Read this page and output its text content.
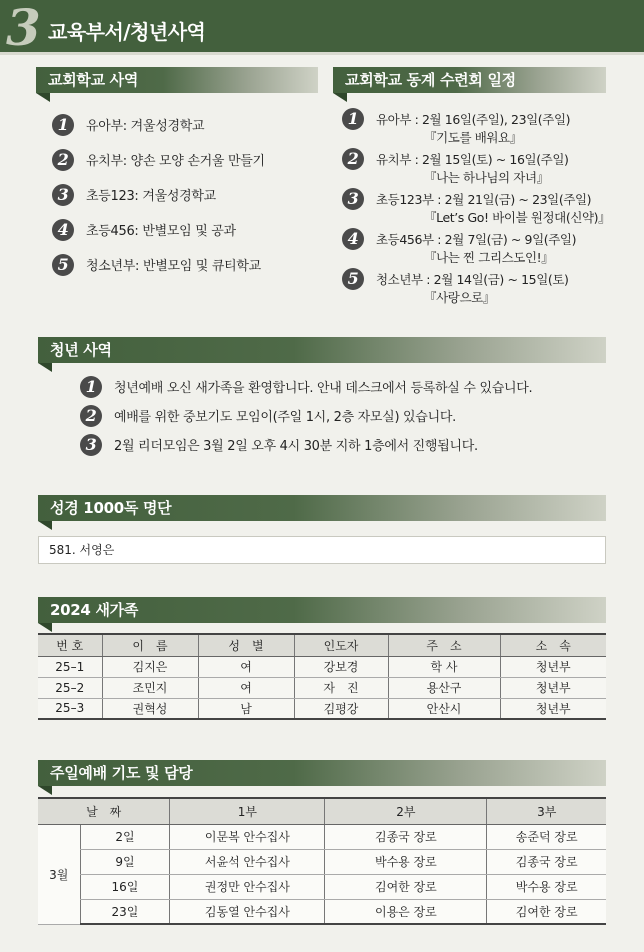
3 교육부서/청년사역
교회학교 사역
1	유아부: 겨울성경학교
2	유치부: 양손 모양 손거울 만들기
3	초등123: 겨울성경학교
4	초등456: 반별모임 및 공과
5	청소년부: 반별모임 및 큐티학교
교회학교 동계 수련회 일정
1	유아부 : 2월 16일(주일), 23일(주일)
『기도를 배워요』
2	유치부 : 2월 15일(토) ~ 16일(주일)
『나는 하나님의 자녀』
3	초등123부 : 2월 21일(금) ~ 23일(주일)
『Let’s Go! 바이블 원정대(신약)』
4	초등456부 : 2월 7일(금) ~ 9일(주일)
『나는 찐 그리스도인!』
5	청소년부 : 2월 14일(금) ~ 15일(토)
『사랑으로』
청년 사역
1	청년예배 오신 새가족을 환영합니다. 안내 데스크에서 등록하실 수 있습니다.
2	예배를 위한 중보기도 모임이(주일 1시, 2층 자모실) 있습니다.
3	2월 리더모임은 3월 2일 오후 4시 30분 지하 1층에서 진행됩니다.
성경 1000독 명단
581. 서영은
2024 새가족
번 호	이　름	성　별	인도자	주　소	소　속
25–1	김지은	여	강보경	학 사	청년부
25–2	조민지	여	자　진	용산구	청년부
25–3	권혁성	남	김평강	안산시	청년부
주일예배 기도 및 담당
날　짜		1부	2부	3부
3월	2일	이문복 안수집사	김종국 장로	송준덕 장로
	9일	서윤석 안수집사	박수용 장로	김종국 장로
	16일	권정만 안수집사	김여한 장로	박수용 장로
	23일	김동열 안수집사	이용은 장로	김여한 장로
